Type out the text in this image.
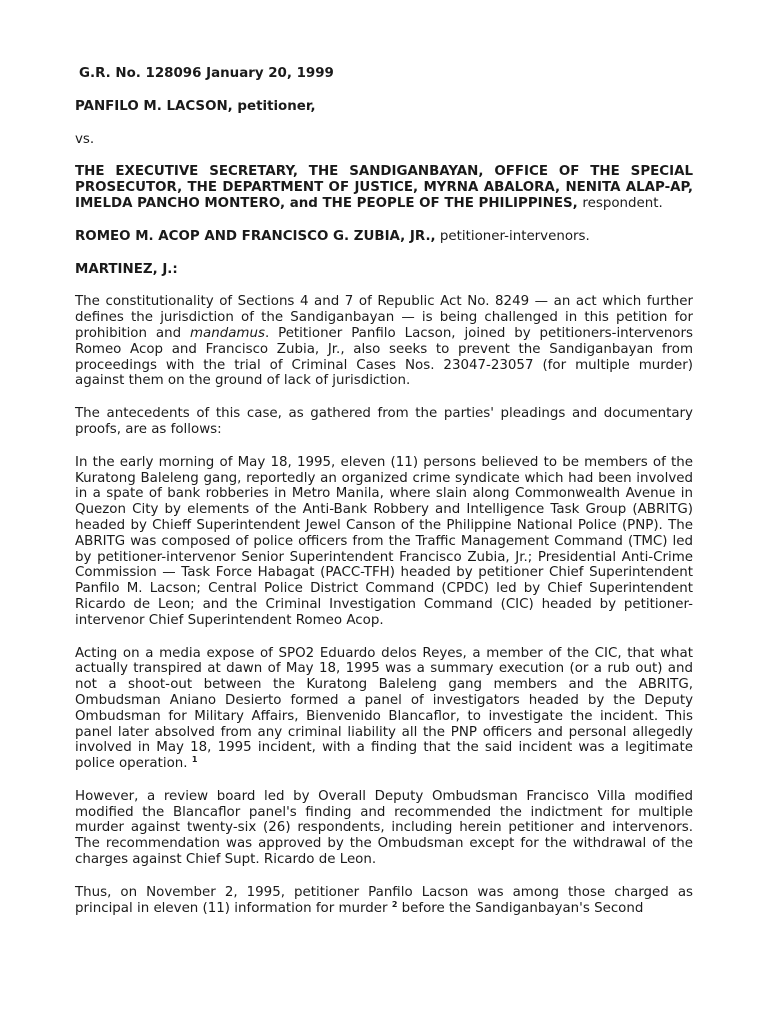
G.R. No. 128096 January 20, 1999

PANFILO M. LACSON, petitioner,

vs.

THE EXECUTIVE SECRETARY, THE SANDIGANBAYAN, OFFICE OF THE SPECIAL PROSECUTOR, THE DEPARTMENT OF JUSTICE, MYRNA ABALORA, NENITA ALAP-AP, IMELDA PANCHO MONTERO, and THE PEOPLE OF THE PHILIPPINES, respondent.

ROMEO M. ACOP AND FRANCISCO G. ZUBIA, JR., petitioner-intervenors.

MARTINEZ, J.:

The constitutionality of Sections 4 and 7 of Republic Act No. 8249 — an act which further defines the jurisdiction of the Sandiganbayan — is being challenged in this petition for prohibition and mandamus. Petitioner Panfilo Lacson, joined by petitioners-intervenors Romeo Acop and Francisco Zubia, Jr., also seeks to prevent the Sandiganbayan from proceedings with the trial of Criminal Cases Nos. 23047-23057 (for multiple murder) against them on the ground of lack of jurisdiction.

The antecedents of this case, as gathered from the parties' pleadings and documentary proofs, are as follows:

In the early morning of May 18, 1995, eleven (11) persons believed to be members of the Kuratong Baleleng gang, reportedly an organized crime syndicate which had been involved in a spate of bank robberies in Metro Manila, where slain along Commonwealth Avenue in Quezon City by elements of the Anti-Bank Robbery and Intelligence Task Group (ABRITG) headed by Chieff Superintendent Jewel Canson of the Philippine National Police (PNP). The ABRITG was composed of police officers from the Traffic Management Command (TMC) led by petitioner-intervenor Senior Superintendent Francisco Zubia, Jr.; Presidential Anti-Crime Commission — Task Force Habagat (PACC-TFH) headed by petitioner Chief Superintendent Panfilo M. Lacson; Central Police District Command (CPDC) led by Chief Superintendent Ricardo de Leon; and the Criminal Investigation Command (CIC) headed by petitioner-intervenor Chief Superintendent Romeo Acop.

Acting on a media expose of SPO2 Eduardo delos Reyes, a member of the CIC, that what actually transpired at dawn of May 18, 1995 was a summary execution (or a rub out) and not a shoot-out between the Kuratong Baleleng gang members and the ABRITG, Ombudsman Aniano Desierto formed a panel of investigators headed by the Deputy Ombudsman for Military Affairs, Bienvenido Blancaflor, to investigate the incident. This panel later absolved from any criminal liability all the PNP officers and personal allegedly involved in May 18, 1995 incident, with a finding that the said incident was a legitimate police operation. $^1$

However, a review board led by Overall Deputy Ombudsman Francisco Villa modified modified the Blancaflor panel's finding and recommended the indictment for multiple murder against twenty-six (26) respondents, including herein petitioner and intervenors. The recommendation was approved by the Ombudsman except for the withdrawal of the charges against Chief Supt. Ricardo de Leon.

Thus, on November 2, 1995, petitioner Panfilo Lacson was among those charged as principal in eleven (11) information for murder $^2$ before the Sandiganbayan's Second
